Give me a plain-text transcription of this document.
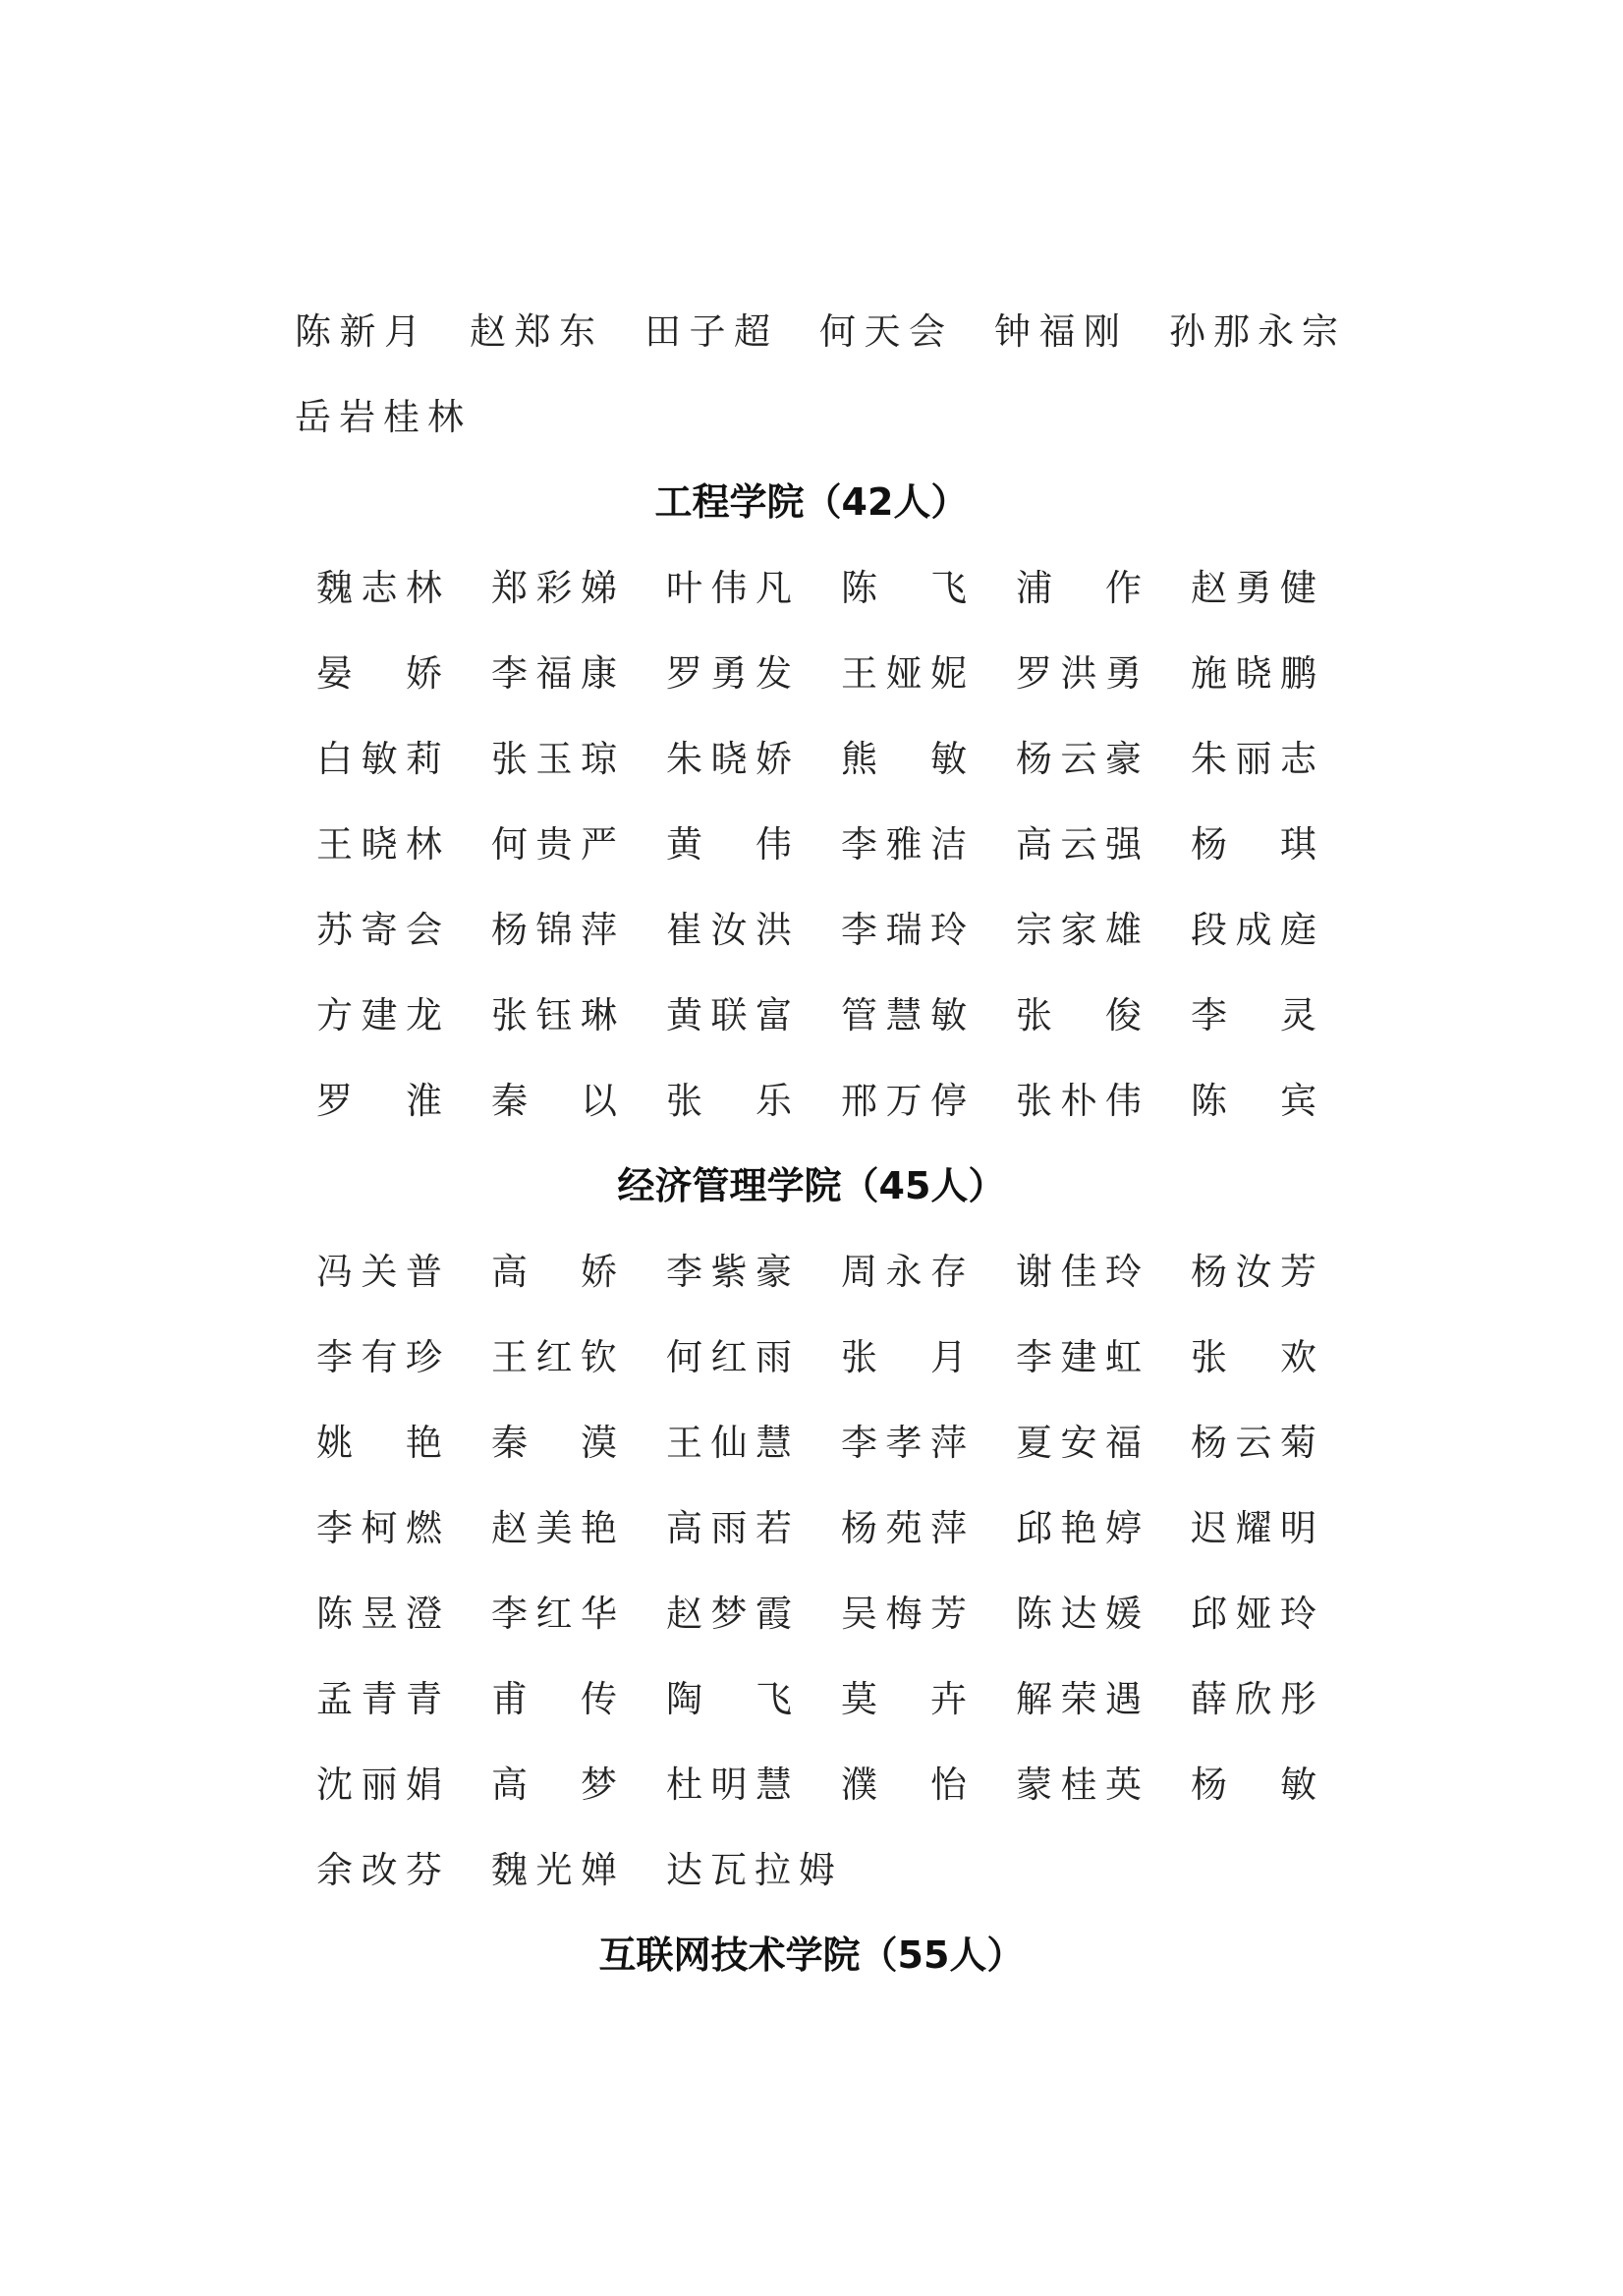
陈新月 赵郑东 田子超 何天会 钟福刚 孙那永宗
岳岩桂林
工程学院（42人）
魏志林 郑彩娣 叶伟凡 陈　飞 浦　作 赵勇健
晏　娇 李福康 罗勇发 王娅妮 罗洪勇 施晓鹏
白敏莉 张玉琼 朱晓娇 熊　敏 杨云豪 朱丽志
王晓林 何贵严 黄　伟 李雅洁 高云强 杨　琪
苏寄会 杨锦萍 崔汝洪 李瑞玲 宗家雄 段成庭
方建龙 张钰琳 黄联富 管慧敏 张　俊 李　灵
罗　淮 秦　以 张　乐 邢万停 张朴伟 陈　宾
经济管理学院（45人）
冯关普 高　娇 李紫豪 周永存 谢佳玲 杨汝芳
李有珍 王红钦 何红雨 张　月 李建虹 张　欢
姚　艳 秦　漠 王仙慧 李孝萍 夏安福 杨云菊
李柯燃 赵美艳 高雨若 杨苑萍 邱艳婷 迟耀明
陈昱澄 李红华 赵梦霞 吴梅芳 陈达媛 邱娅玲
孟青青 甫　传 陶　飞 莫　卉 解荣遇 薛欣彤
沈丽娟 高　梦 杜明慧 濮　怡 蒙桂英 杨　敏
余改芬 魏光婵 达瓦拉姆
互联网技术学院（55人）
